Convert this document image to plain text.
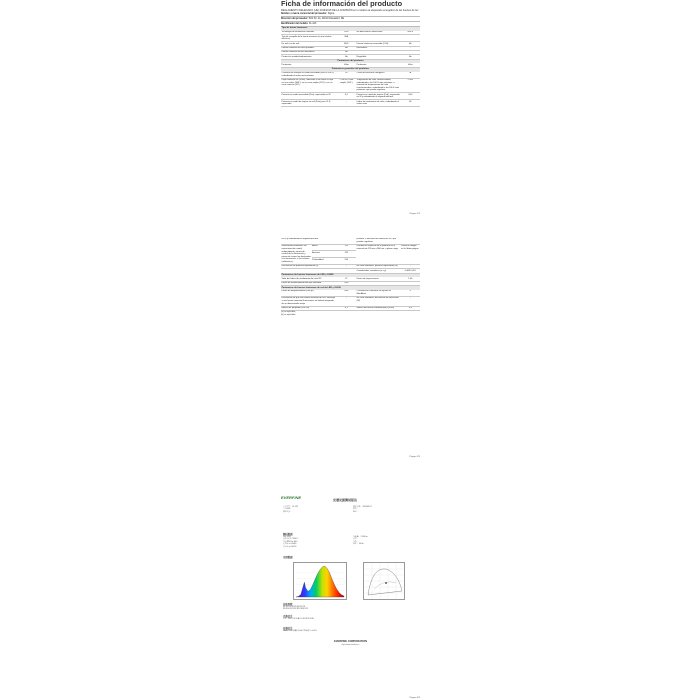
Ficha de información del producto
REGLAMENTO DELEGADO (UE) 2019/2015 DE LA COMISIÓN en lo relativo al etiquetado energético de las fuentes de luz
Nombre o marca comercial del proveedor: Sigma
Dirección del proveedor: Pilot Str. 44, 40211 Düsseldorf, DE
Identificador del modelo: FL-123
Tipo de fuente luminosa:
Tecnología de iluminación utilizada:	LED	No direccional o direccional:	NDLS
Tipo de casquillo de la fuente luminosa (u otra interfaz eléctrica)	N/A		
De red o no de red:	MLS	Fuente luminosa conectada (CLS):	No
Fuente luminosa de color ajustable:	No	Envolvente:	-
Fuente luminosa de alta luminancia:	No		
Protección antideslumbramiento:	No	Regulable:	No
Parámetros del producto
Parámetro	Valor	Parámetro	Valor
Parámetros generales del producto:
Consumo de energía en modo encendido (kWh/1 000 h), redondeado al entero más próximo	24	Clase de eficiencia energética	A
Flujo luminoso útil (Φuse), indicando si se refiere al flujo en una esfera (360°), en un cono amplio (120°) o en un cono estrecho (90°)	2 500 en Cono amplio (120°)	Temperatura de color correlacionada, redondeada a los 100 K más próximos, o intervalo de temperaturas de color correlacionadas, redondeado a los 100 K más próximos, que puede regularse	2 900
Potencia en modo encendido (Pon), expresada en W	0,2	Potencia en modo de espera (Psb), expresada en W y redondeada al segundo decimal	0,00
Potencia en modo de espera en red (Pnet) para CLS, expresada	-	Índice de rendimiento de color, redondeado al entero más	80
Página 1/3
en W y redondeada al segundo decimal		próximo, o intervalo de valores de IRC que pueden regularse	
Dimensiones exteriores sin mecanismo de control independiente, piezas de control de la iluminación y piezas de control no destinadas a la iluminación, si las hubiera (milímetros)	Altura	125	Distribución espectral de la potencia en el intervalo de 250 nm a 800 nm, a plena carga	Véase la imagen en la última página
	Anchura	125		
	Profundidad	250		
Declaración de potencia equivalente (a)	-	En caso afirmativo, potencia equivalente (W)	-
		Coordenadas cromáticas (x e y)	0,468 0,415
Parámetros de fuentes luminosas de LED y OLED:
Valor del índice de rendimiento de color R9	12	Factor de supervivencia	1,00
Factor de mantenimiento del flujo luminoso	0,90		
Parámetros de fuentes luminosas de red de LED y OLED:
Factor de desplazamiento (cos φ1)	0,86	Consistencia cromática en elipses de MacAdam	4
Declaración de que una fuente luminosa de LED sustituye a una fuente luminosa fluorescente sin balasto integrado de un determinado vataje	-	En caso afirmativo, declaración de sustitución (W)	-
Métrica de parpadeo (Pst LM)	0,1	Métrica del efecto estroboscópico (SVM)	0,3
(a) no aplicable;
(b) no aplicable;
Página 2/3
EVERFINE	光谱光源测试报告
产品型号： FL-123
产品规格：
测试人员：
测试日期： 2023-03-21
温度：
湿度：
测试数据
CIE 1931:
色温 CCT: 2 900 K
显色指数 Ra: 80.0
色坐标 x: 0.4680
色坐标 y: 0.4150
光通量： 2 500 lm
功率：
光效：
频率： 50 Hz
光谱数据
其他参数
R1 R2 R3 R4 R5 R6 R7 R8
R9 R10 R11 R12 R13 R14 R15
光源信息
U 1 ~ 230 V I 0.10 A P 0.20 W PF 0.86
仪器信息
HAAS-2000 高精度快速光谱辐射计 ±0.3%
EVERFINE CORPORATION
http://www.everfine.cn
Página 3/3
